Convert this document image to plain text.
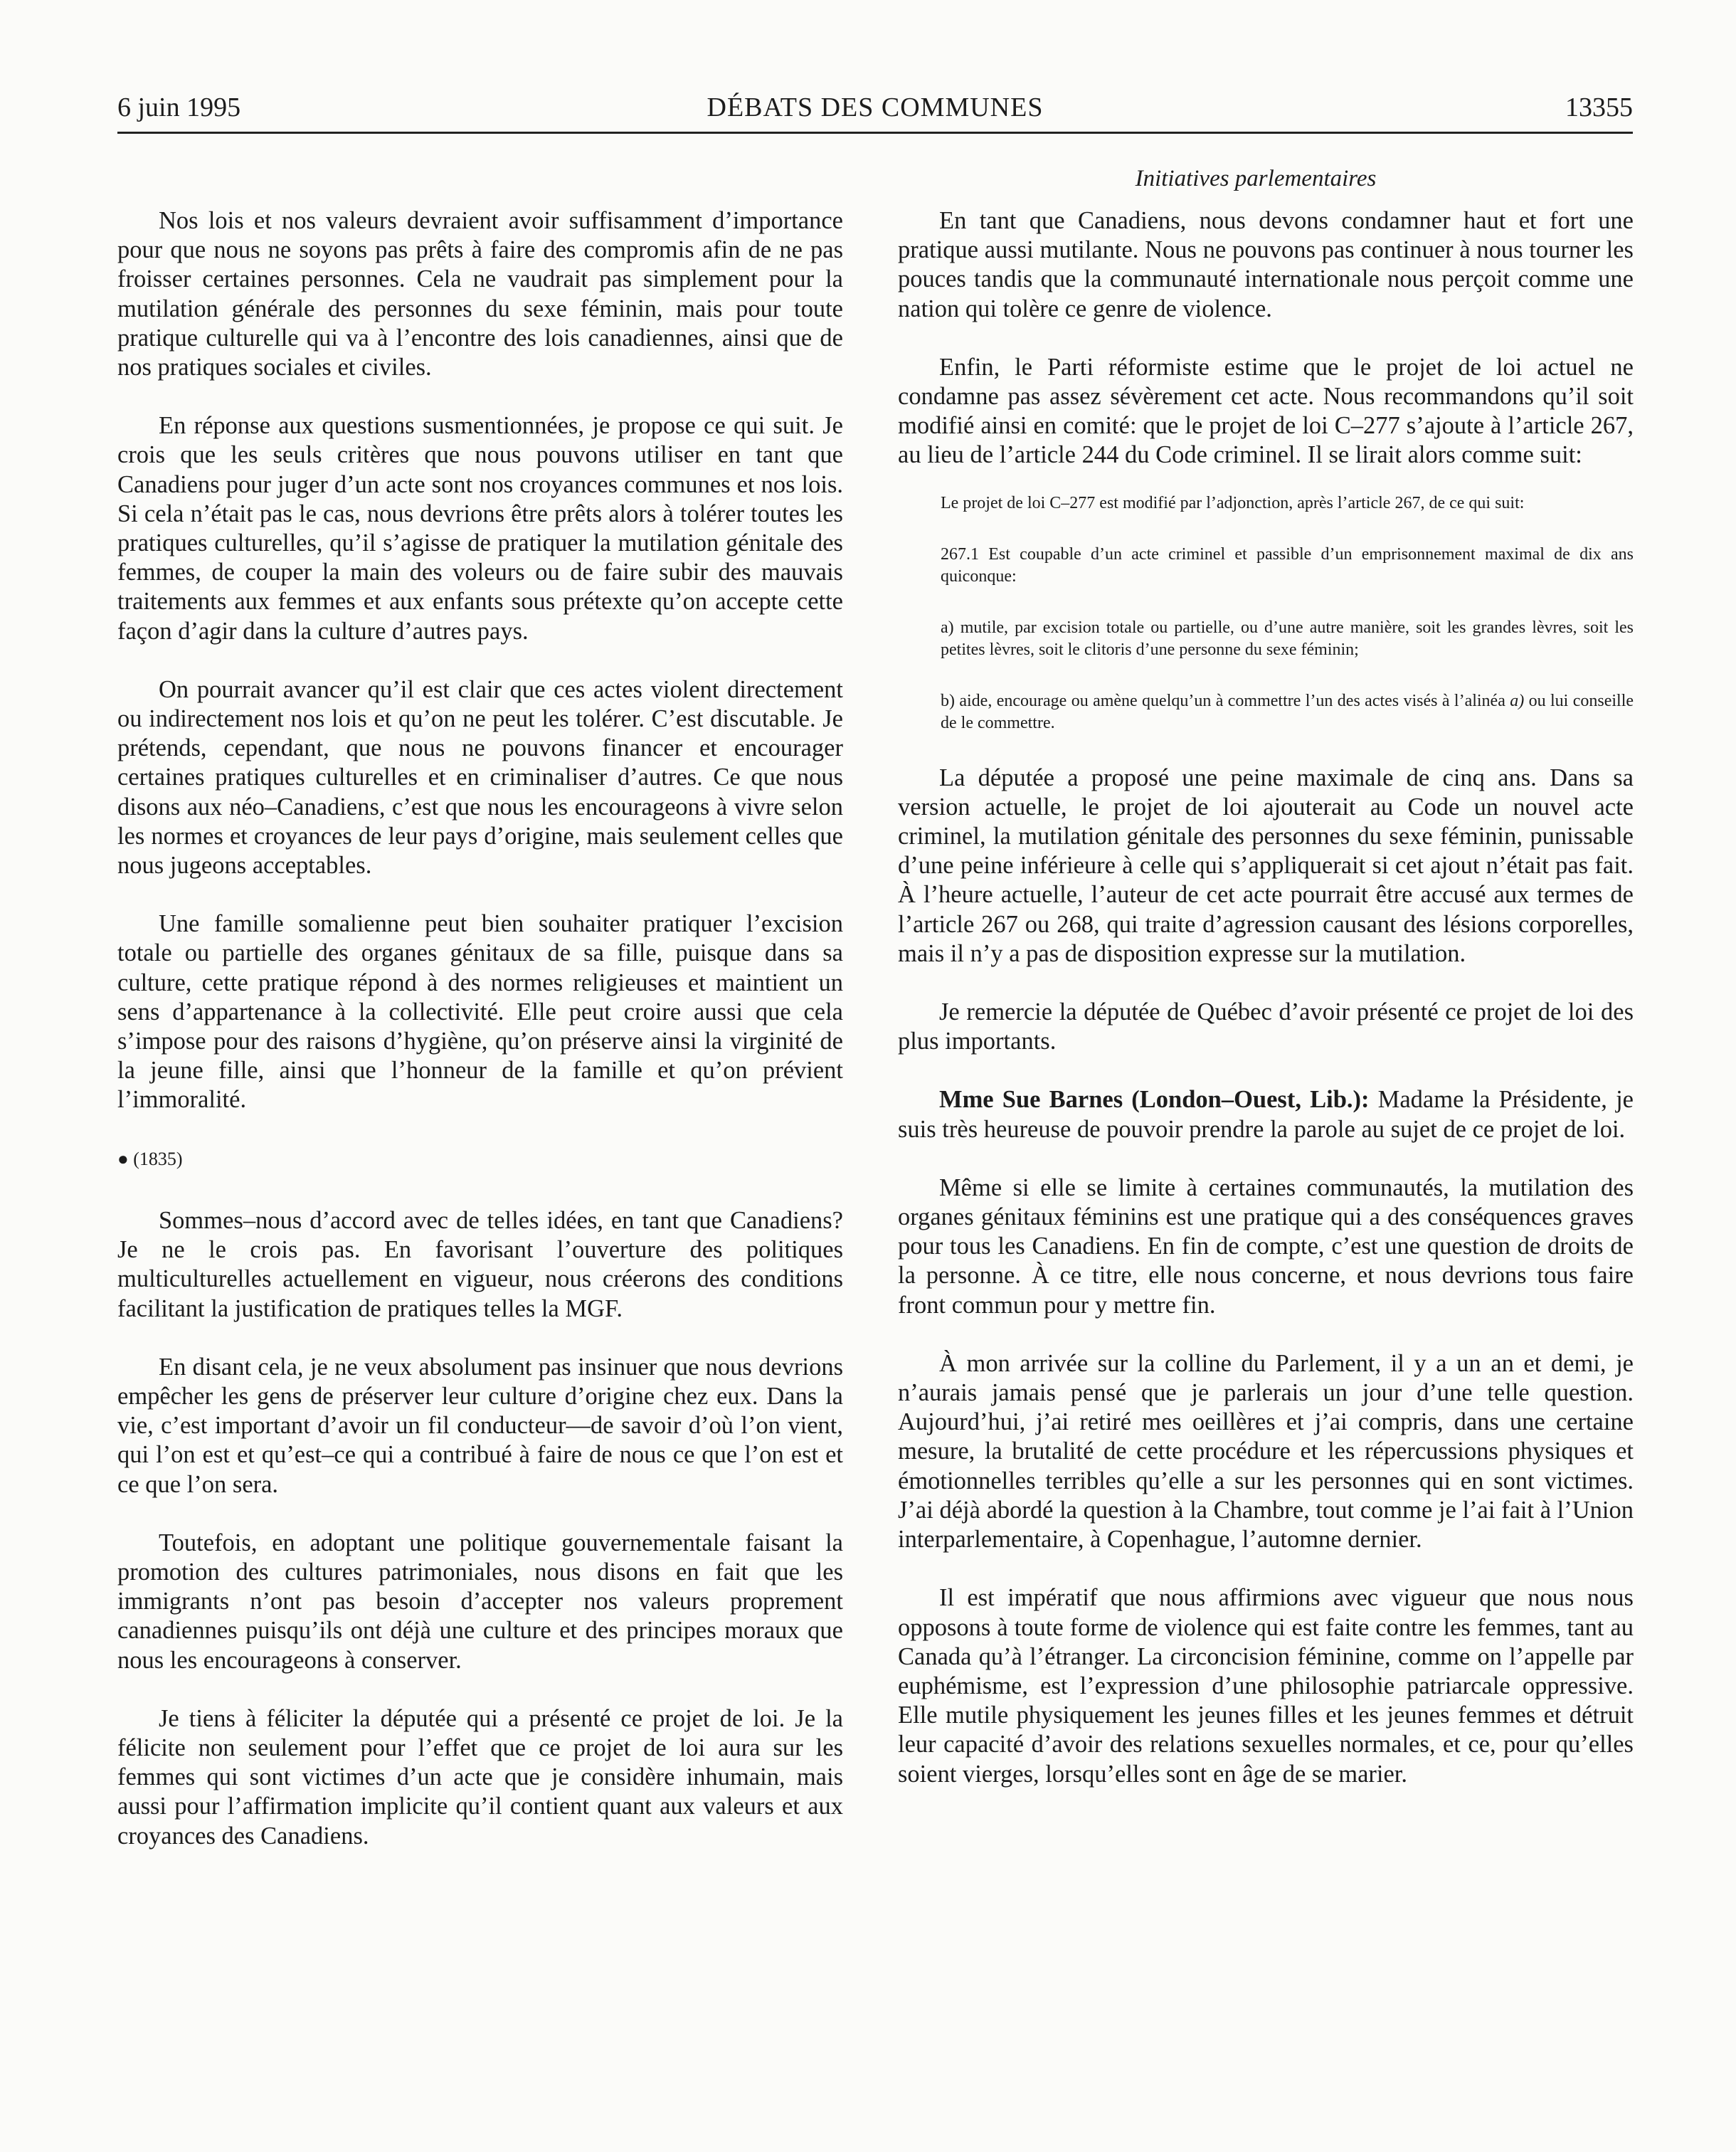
6 juin 1995	DÉBATS DES COMMUNES	13355
Initiatives parlementaires

Nos lois et nos valeurs devraient avoir suffisamment d’importance pour que nous ne soyons pas prêts à faire des compromis afin de ne pas froisser certaines personnes. Cela ne vaudrait pas simplement pour la mutilation générale des personnes du sexe féminin, mais pour toute pratique culturelle qui va à l’encontre des lois canadiennes, ainsi que de nos pratiques sociales et civiles.

En réponse aux questions susmentionnées, je propose ce qui suit. Je crois que les seuls critères que nous pouvons utiliser en tant que Canadiens pour juger d’un acte sont nos croyances communes et nos lois. Si cela n’était pas le cas, nous devrions être prêts alors à tolérer toutes les pratiques culturelles, qu’il s’agisse de pratiquer la mutilation génitale des femmes, de couper la main des voleurs ou de faire subir des mauvais traitements aux femmes et aux enfants sous prétexte qu’on accepte cette façon d’agir dans la culture d’autres pays.

On pourrait avancer qu’il est clair que ces actes violent directement ou indirectement nos lois et qu’on ne peut les tolérer. C’est discutable. Je prétends, cependant, que nous ne pouvons financer et encourager certaines pratiques culturelles et en criminaliser d’autres. Ce que nous disons aux néo–Canadiens, c’est que nous les encourageons à vivre selon les normes et croyances de leur pays d’origine, mais seulement celles que nous jugeons acceptables.

Une famille somalienne peut bien souhaiter pratiquer l’excision totale ou partielle des organes génitaux de sa fille, puisque dans sa culture, cette pratique répond à des normes religieuses et maintient un sens d’appartenance à la collectivité. Elle peut croire aussi que cela s’impose pour des raisons d’hygiène, qu’on préserve ainsi la virginité de la jeune fille, ainsi que l’honneur de la famille et qu’on prévient l’immoralité.

● (1835)

Sommes–nous d’accord avec de telles idées, en tant que Canadiens? Je ne le crois pas. En favorisant l’ouverture des politiques multiculturelles actuellement en vigueur, nous créerons des conditions facilitant la justification de pratiques telles la MGF.

En disant cela, je ne veux absolument pas insinuer que nous devrions empêcher les gens de préserver leur culture d’origine chez eux. Dans la vie, c’est important d’avoir un fil conducteur—de savoir d’où l’on vient, qui l’on est et qu’est–ce qui a contribué à faire de nous ce que l’on est et ce que l’on sera.

Toutefois, en adoptant une politique gouvernementale faisant la promotion des cultures patrimoniales, nous disons en fait que les immigrants n’ont pas besoin d’accepter nos valeurs proprement canadiennes puisqu’ils ont déjà une culture et des principes moraux que nous les encourageons à conserver.

Je tiens à féliciter la députée qui a présenté ce projet de loi. Je la félicite non seulement pour l’effet que ce projet de loi aura sur les femmes qui sont victimes d’un acte que je considère inhumain, mais aussi pour l’affirmation implicite qu’il contient quant aux valeurs et aux croyances des Canadiens.

En tant que Canadiens, nous devons condamner haut et fort une pratique aussi mutilante. Nous ne pouvons pas continuer à nous tourner les pouces tandis que la communauté internationale nous perçoit comme une nation qui tolère ce genre de violence.

Enfin, le Parti réformiste estime que le projet de loi actuel ne condamne pas assez sévèrement cet acte. Nous recommandons qu’il soit modifié ainsi en comité: que le projet de loi C–277 s’ajoute à l’article 267, au lieu de l’article 244 du Code criminel. Il se lirait alors comme suit:

Le projet de loi C–277 est modifié par l’adjonction, après l’article 267, de ce qui suit:

267.1 Est coupable d’un acte criminel et passible d’un emprisonnement maximal de dix ans quiconque:

a) mutile, par excision totale ou partielle, ou d’une autre manière, soit les grandes lèvres, soit les petites lèvres, soit le clitoris d’une personne du sexe féminin;

b) aide, encourage ou amène quelqu’un à commettre l’un des actes visés à l’alinéa a) ou lui conseille de le commettre.

La députée a proposé une peine maximale de cinq ans. Dans sa version actuelle, le projet de loi ajouterait au Code un nouvel acte criminel, la mutilation génitale des personnes du sexe féminin, punissable d’une peine inférieure à celle qui s’appliquerait si cet ajout n’était pas fait. À l’heure actuelle, l’auteur de cet acte pourrait être accusé aux termes de l’article 267 ou 268, qui traite d’agression causant des lésions corporelles, mais il n’y a pas de disposition expresse sur la mutilation.

Je remercie la députée de Québec d’avoir présenté ce projet de loi des plus importants.

Mme Sue Barnes (London–Ouest, Lib.): Madame la Présidente, je suis très heureuse de pouvoir prendre la parole au sujet de ce projet de loi.

Même si elle se limite à certaines communautés, la mutilation des organes génitaux féminins est une pratique qui a des conséquences graves pour tous les Canadiens. En fin de compte, c’est une question de droits de la personne. À ce titre, elle nous concerne, et nous devrions tous faire front commun pour y mettre fin.

À mon arrivée sur la colline du Parlement, il y a un an et demi, je n’aurais jamais pensé que je parlerais un jour d’une telle question. Aujourd’hui, j’ai retiré mes oeillères et j’ai compris, dans une certaine mesure, la brutalité de cette procédure et les répercussions physiques et émotionnelles terribles qu’elle a sur les personnes qui en sont victimes. J’ai déjà abordé la question à la Chambre, tout comme je l’ai fait à l’Union interparlementaire, à Copenhague, l’automne dernier.

Il est impératif que nous affirmions avec vigueur que nous nous opposons à toute forme de violence qui est faite contre les femmes, tant au Canada qu’à l’étranger. La circoncision féminine, comme on l’appelle par euphémisme, est l’expression d’une philosophie patriarcale oppressive. Elle mutile physiquement les jeunes filles et les jeunes femmes et détruit leur capacité d’avoir des relations sexuelles normales, et ce, pour qu’elles soient vierges, lorsqu’elles sont en âge de se marier.
